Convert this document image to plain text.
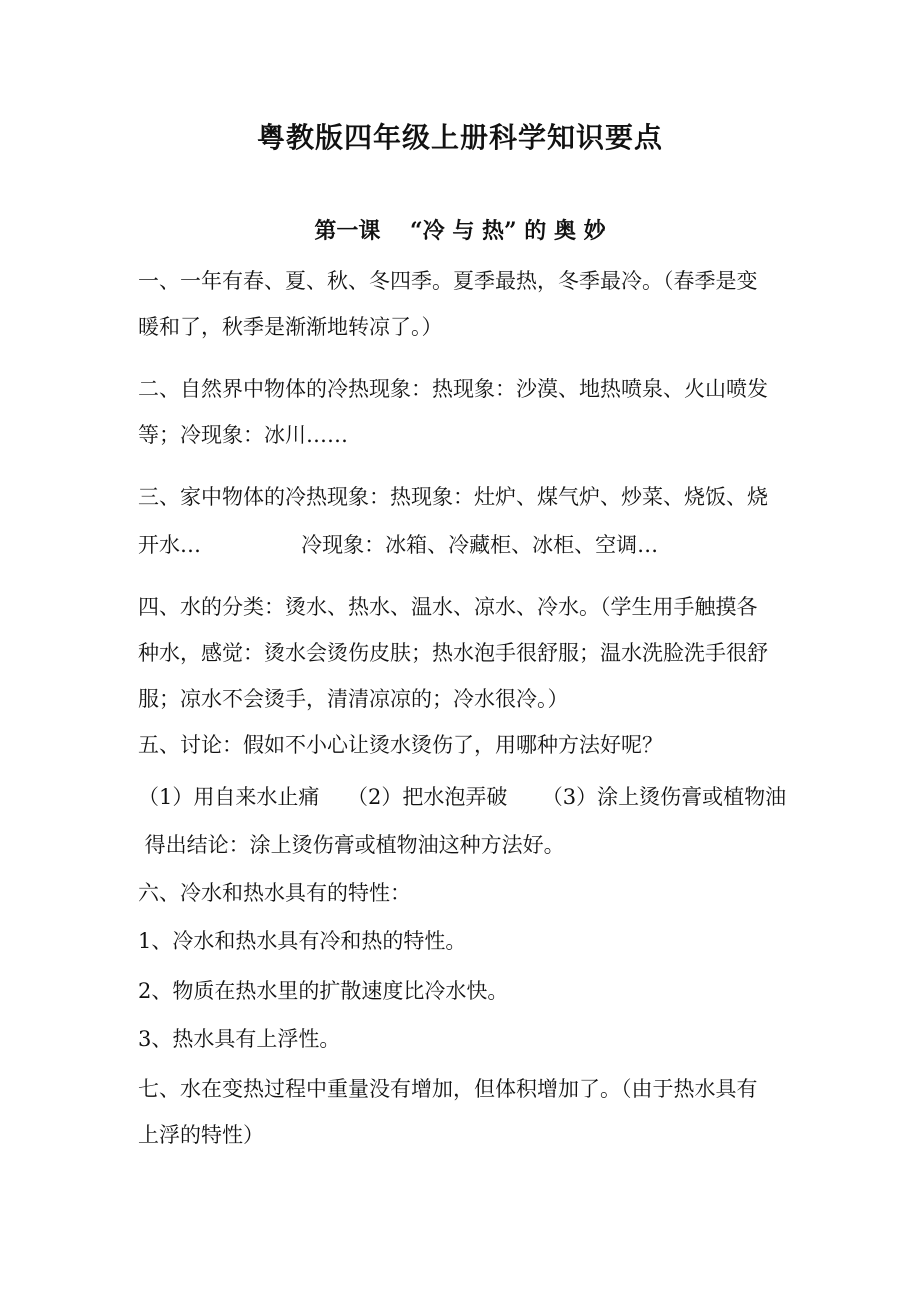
粤教版四年级上册科学知识要点
第一课　 “冷 与 热” 的 奥 妙
一、一年有春、夏、秋、冬四季。夏季最热，冬季最冷。（春季是变
暖和了，秋季是渐渐地转凉了。）
二、自然界中物体的冷热现象：热现象：沙漠、地热喷泉、火山喷发
等；冷现象：冰川……
三、家中物体的冷热现象：热现象：灶炉、煤气炉、炒菜、烧饭、烧
开水…               冷现象：冰箱、冷藏柜、冰柜、空调…
四、水的分类：烫水、热水、温水、凉水、冷水。（学生用手触摸各
种水，感觉：烫水会烫伤皮肤；热水泡手很舒服；温水洗脸洗手很舒
服；凉水不会烫手，清清凉凉的；冷水很冷。）
五、讨论：假如不小心让烫水烫伤了，用哪种方法好呢？
（1）用自来水止痛　 （2）把水泡弄破　  （3）涂上烫伤膏或植物油
得出结论：涂上烫伤膏或植物油这种方法好。
六、冷水和热水具有的特性：
1、冷水和热水具有冷和热的特性。
2、物质在热水里的扩散速度比冷水快。
3、热水具有上浮性。
七、水在变热过程中重量没有增加，但体积增加了。（由于热水具有
上浮的特性）
